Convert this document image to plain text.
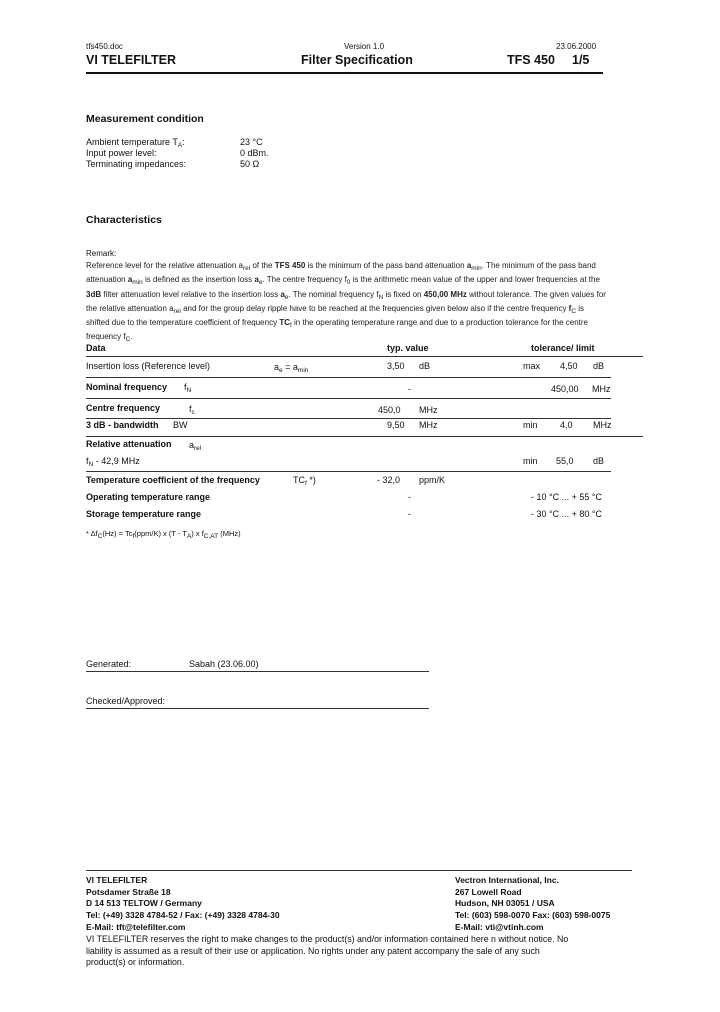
tfs450.doc	Version 1.0	23.06.2000
VI TELEFILTER	Filter Specification	TFS 450 1/5
Measurement condition
Ambient temperature $T_A$:	23 °C
Input power level:	0 dBm.
Terminating impedances:	50 Ω
Characteristics
Remark:

Reference level for the relative attenuation $a_{rel}$ of the TFS 450 is the minimum of the pass band attenuation $a_{min}$. The minimum of the pass band

attenuation $a_{min}$ is defined as the insertion loss $a_e$. The centre frequency $f_0$ is the arithmetic mean value of the upper and lower frequencies at the

3dB filter attenuation level relative to the insertion loss $a_e$. The nominal frequency $f_N$ is fixed on 450,00 MHz without tolerance. The given values for

the relative attenuation $a_{rel}$ and for the group delay ripple have to be reached at the frequencies given below also if the centre frequency $f_C$ is

shifted due to the temperature coefficient of frequency $TC_f$ in the operating temperature range and due to a production tolerance for the centre

frequency $f_C$.

Data	typ. value	tolerance/ limit
Insertion loss (Reference level)	$a_e = a_{min}$	3,50 dB	max 4,50 dB
Nominal frequency $f_N$	-	450,00 MHz
Centre frequency	$f_c$	450,0 MHz
3 dB - bandwidth BW	9,50 MHz	min 4,0 MHz
Relative attenuation $a_{rel}$
$f_N - 42,9$ MHz	min 55,0 dB
Temperature coefficient of the frequency	$TC_f$ *)	- 32,0 ppm/K
Operating temperature range	-	- 10 °C ... + 55 °C
Storage temperature range	-	- 30 °C ... + 80 °C
* $\Delta f_C(Hz) = Tc_f(ppm/K)$ x $(T - T_A)$ x $f_{C,AT}$ (MHz)
Generated:	Sabah (23.06.00)
Checked/Approved:
VI TELEFILTER
Potsdamer Straße 18
D 14 513 TELTOW / Germany
Tel: (+49) 3328 4784-52 / Fax: (+49) 3328 4784-30
E-Mail: tft@telefilter.com
Vectron International, Inc.
267 Lowell Road
Hudson, NH 03051 / USA
Tel: (603) 598-0070 Fax: (603) 598-0075
E-Mail: vti@vtinh.com
VI TELEFILTER reserves the right to make changes to the product(s) and/or information contained here n without notice. No
liability is assumed as a result of their use or application. No rights under any patent accompany the sale of any such
product(s) or information.
